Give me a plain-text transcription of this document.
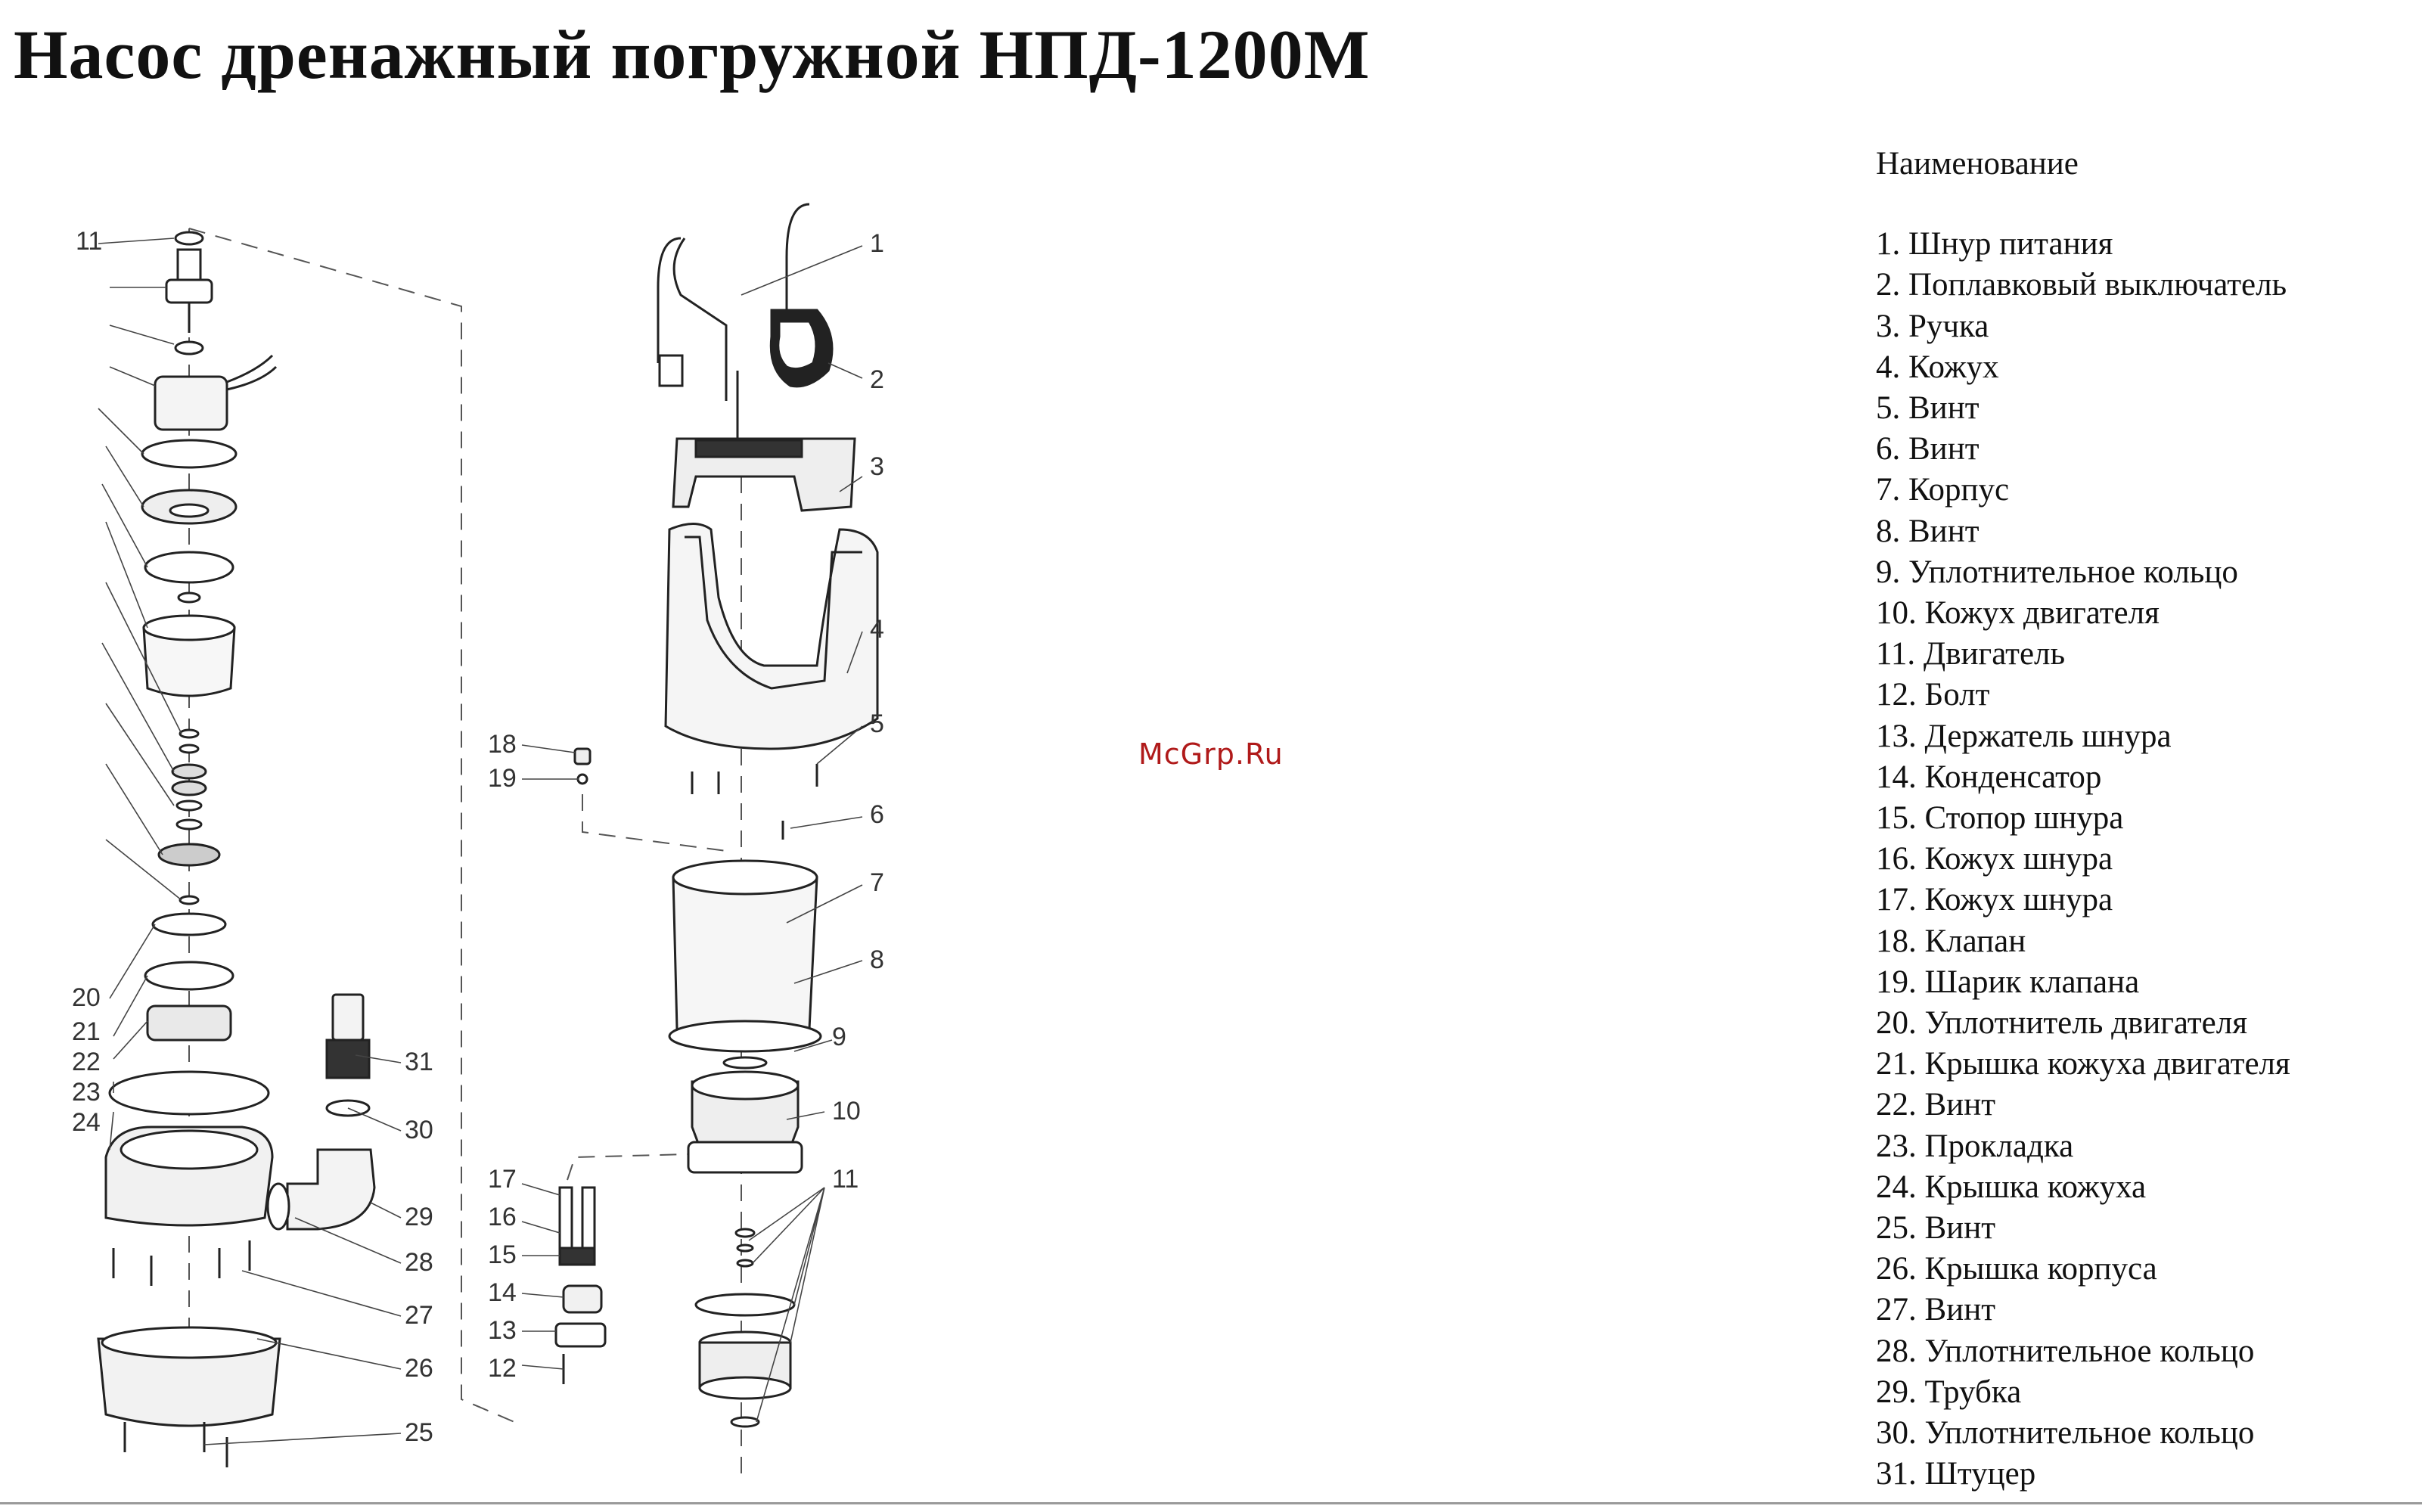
Насос дренажный погружной НПД-1200М
1
2
3
4
5
6
7
8
9
10
11
11
12
13
14
15
16
17
18
19
20
21
22
23
24
25
26
27
28
29
30
31
McGrp.Ru
Наименование
1. Шнур питания
2. Поплавковый выключатель
3. Ручка
4. Кожух
5. Винт
6. Винт
7. Корпус
8. Винт
9. Уплотнительное кольцо
10. Кожух двигателя
11. Двигатель
12. Болт
13. Держатель шнура
14. Конденсатор
15. Стопор шнура
16. Кожух шнура
17. Кожух шнура
18. Клапан
19. Шарик клапана
20. Уплотнитель двигателя
21. Крышка кожуха двигателя
22. Винт
23. Прокладка
24. Крышка кожуха
25. Винт
26. Крышка корпуса
27. Винт
28. Уплотнительное кольцо
29. Трубка
30. Уплотнительное кольцо
31. Штуцер
